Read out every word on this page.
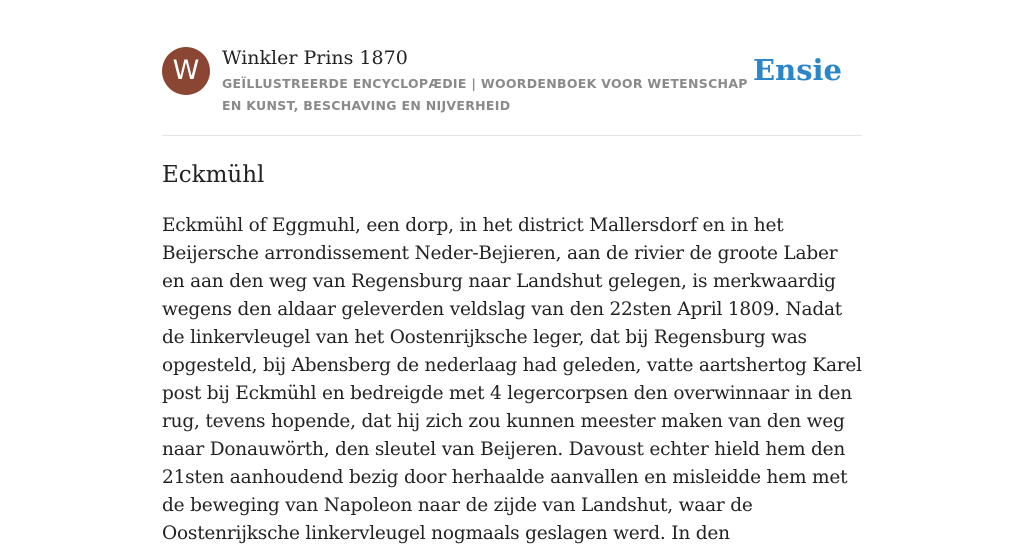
W	Winkler Prins 1870
GEÏLLUSTREERDE ENCYCLOPÆDIE | WOORDENBOEK VOOR WETENSCHAP EN KUNST, BESCHAVING EN NIJVERHEID
Ensie
Eckmühl

Eckmühl of Eggmuhl, een dorp, in het district Mallersdorf en in het Beijersche arrondissement Neder-Bejieren, aan de rivier de groote Laber en aan den weg van Regensburg naar Landshut gelegen, is merkwaardig wegens den aldaar geleverden veldslag van den 22sten April 1809. Nadat de linkervleugel van het Oostenrijksche leger, dat bij Regensburg was opgesteld, bij Abensberg de nederlaag had geleden, vatte aartshertog Karel post bij Eckmühl en bedreigde met 4 legercorpsen den overwinnaar in den rug, tevens hopende, dat hij zich zou kunnen meester maken van den weg naar Donauwörth, den sleutel van Beijeren. Davoust echter hield hem den 21sten aanhoudend bezig door herhaalde aanvallen en misleidde hem met de beweging van Napoleon naar de zijde van Landshut, waar de Oostenrijksche linkervleugel nogmaals geslagen werd. In den
